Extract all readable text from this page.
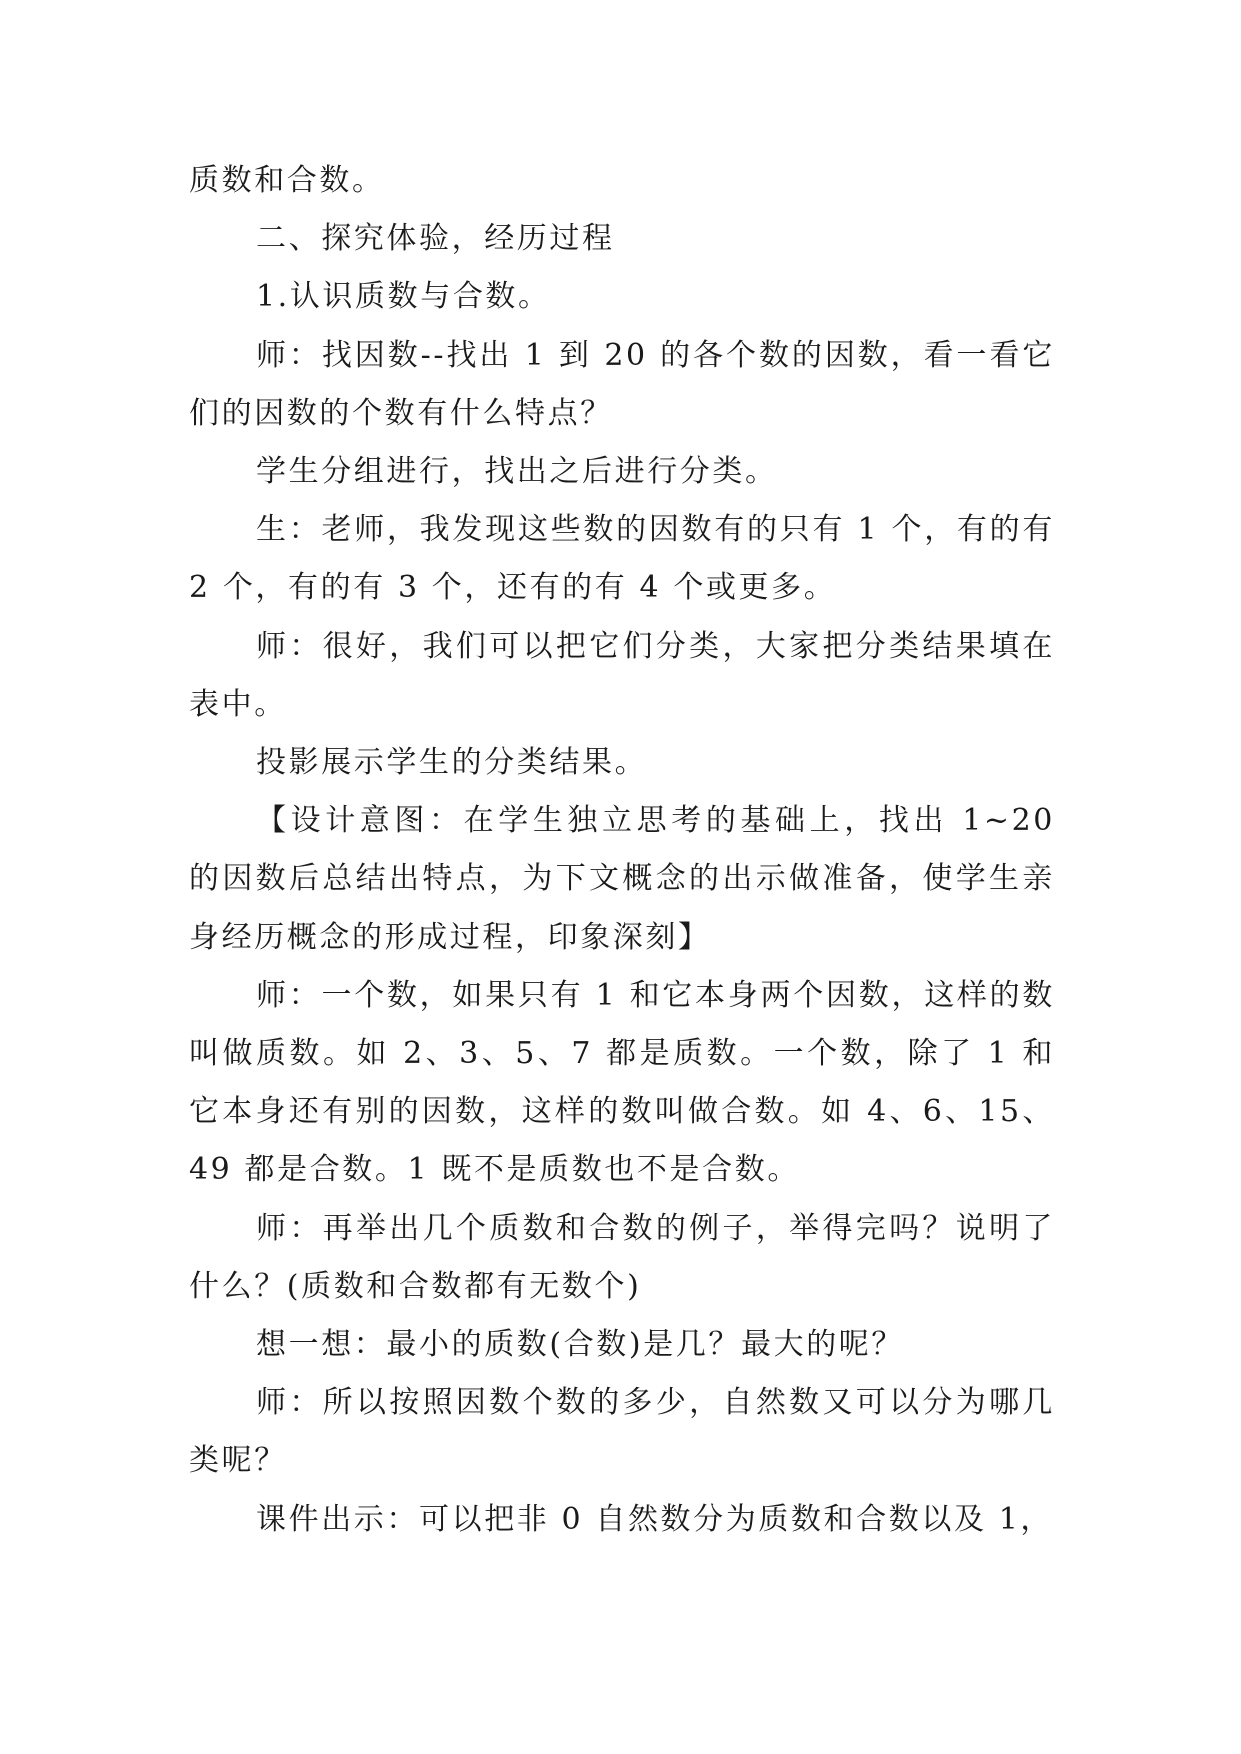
质数和合数。

二、探究体验，经历过程

1.认识质数与合数。

师：找因数--找出 1 到 20 的各个数的因数，看一看它们的因数的个数有什么特点？

学生分组进行，找出之后进行分类。

生：老师，我发现这些数的因数有的只有 1 个，有的有 2 个，有的有 3 个，还有的有 4 个或更多。

师：很好，我们可以把它们分类，大家把分类结果填在表中。

投影展示学生的分类结果。

【设计意图：在学生独立思考的基础上，找出 1~20 的因数后总结出特点，为下文概念的出示做准备，使学生亲身经历概念的形成过程，印象深刻】

师：一个数，如果只有 1 和它本身两个因数，这样的数叫做质数。如 2、3、5、7 都是质数。一个数，除了 1 和它本身还有别的因数，这样的数叫做合数。如 4、6、15、49 都是合数。1 既不是质数也不是合数。

师：再举出几个质数和合数的例子，举得完吗？说明了什么？(质数和合数都有无数个)

想一想：最小的质数(合数)是几？最大的呢？

师：所以按照因数个数的多少，自然数又可以分为哪几类呢？

课件出示：可以把非 0 自然数分为质数和合数以及 1，
